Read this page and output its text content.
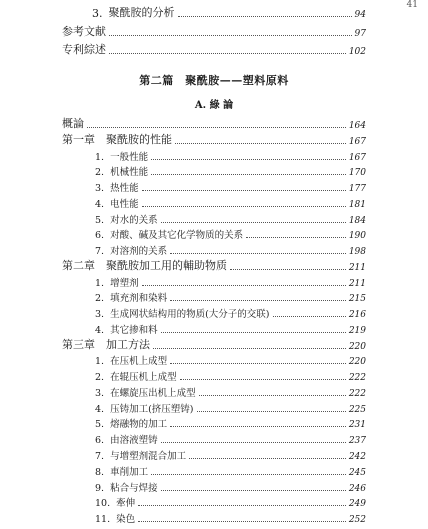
41
3. 聚酰胺的分析	94
参考文献	97
专利綜述	102
第二篇　聚酰胺——塑料原料
A. 綠 論
概論	164
第一章　聚酰胺的性能	167
1. 一般性能	167
2. 机械性能	170
3. 热性能	177
4. 电性能	181
5. 对水的关系	184
6. 对酸、碱及其它化学物质的关系	190
7. 对溶剂的关系	198
第二章　聚酰胺加工用的輔助物质	211
1. 增塑剂	211
2. 填充剂和染料	215
3. 生成网状結构用的物质(大分子的交联)	216
4. 其它掺和料	219
第三章　加工方法	220
1. 在压机上成型	220
2. 在辊压机上成型	222
3. 在螺旋压出机上成型	222
4. 压铸加工(挤压塑铸)	225
5. 熔融物的加工	231
6. 由溶液塑铸	237
7. 与增塑剂混合加工	242
8. 車削加工	245
9. 粘合与焊接	246
10. 牽伸	249
11. 染色	252
